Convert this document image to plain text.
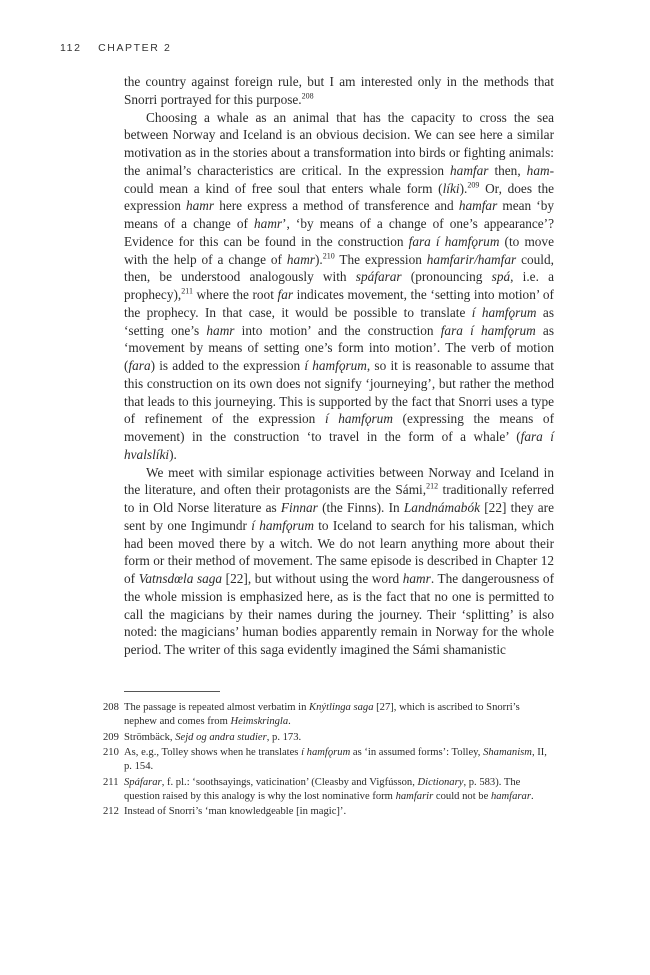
112 CHAPTER 2

the country against foreign rule, but I am interested only in the methods that Snorri portrayed for this purpose.$^{208}$

Choosing a whale as an animal that has the capacity to cross the sea between Norway and Iceland is an obvious decision. We can see here a similar motivation as in the stories about a transformation into birds or fighting animals: the animal’s characteristics are critical. In the expression hamfar then, ham- could mean a kind of free soul that enters whale form (líki).$^{209}$ Or, does the expression hamr here express a method of transference and hamfar mean ‘by means of a change of hamr’, ‘by means of a change of one’s appearance’? Evidence for this can be found in the construction fara í hamfǫrum (to move with the help of a change of hamr).$^{210}$ The expression hamfarir/hamfar could, then, be understood analogously with spáfarar (pronouncing spá, i.e. a prophecy),$^{211}$ where the root far indicates movement, the ‘setting into motion’ of the prophecy. In that case, it would be possible to translate í hamfǫrum as ‘setting one’s hamr into motion’ and the construction fara í hamfǫrum as ‘movement by means of setting one’s form into motion’. The verb of motion (fara) is added to the expression í hamfǫrum, so it is reasonable to assume that this construction on its own does not signify ‘journeying’, but rather the method that leads to this journeying. This is supported by the fact that Snorri uses a type of refinement of the expression í hamfǫrum (expressing the means of movement) in the construction ‘to travel in the form of a whale’ (fara í hvalslíki).

We meet with similar espionage activities between Norway and Iceland in the literature, and often their protagonists are the Sámi,$^{212}$ traditionally referred to in Old Norse literature as Finnar (the Finns). In Landnámabók [22] they are sent by one Ingimundr í hamfǫrum to Iceland to search for his talisman, which had been moved there by a witch. We do not learn anything more about their form or their method of movement. The same episode is described in Chapter 12 of Vatnsdœla saga [22], but without using the word hamr. The dangerousness of the whole mission is emphasized here, as is the fact that no one is permitted to call the magicians by their names during the journey. Their ‘splitting’ is also noted: the magicians’ human bodies apparently remain in Norway for the whole period. The writer of this saga evidently imagined the Sámi shamanistic

208 The passage is repeated almost verbatim in Knýtlinga saga [27], which is ascribed to Snorri’s nephew and comes from Heimskringla.
209 Strömbäck, Sejd og andra studier, p. 173.
210 As, e.g., Tolley shows when he translates í hamfǫrum as ‘in assumed forms’: Tolley, Shamanism, II, p. 154.
211 Spáfarar, f. pl.: ‘soothsayings, vaticination’ (Cleasby and Vigfússon, Dictionary, p. 583). The question raised by this analogy is why the lost nominative form hamfarir could not be hamfarar.
212 Instead of Snorri’s ‘man knowledgeable [in magic]’.
